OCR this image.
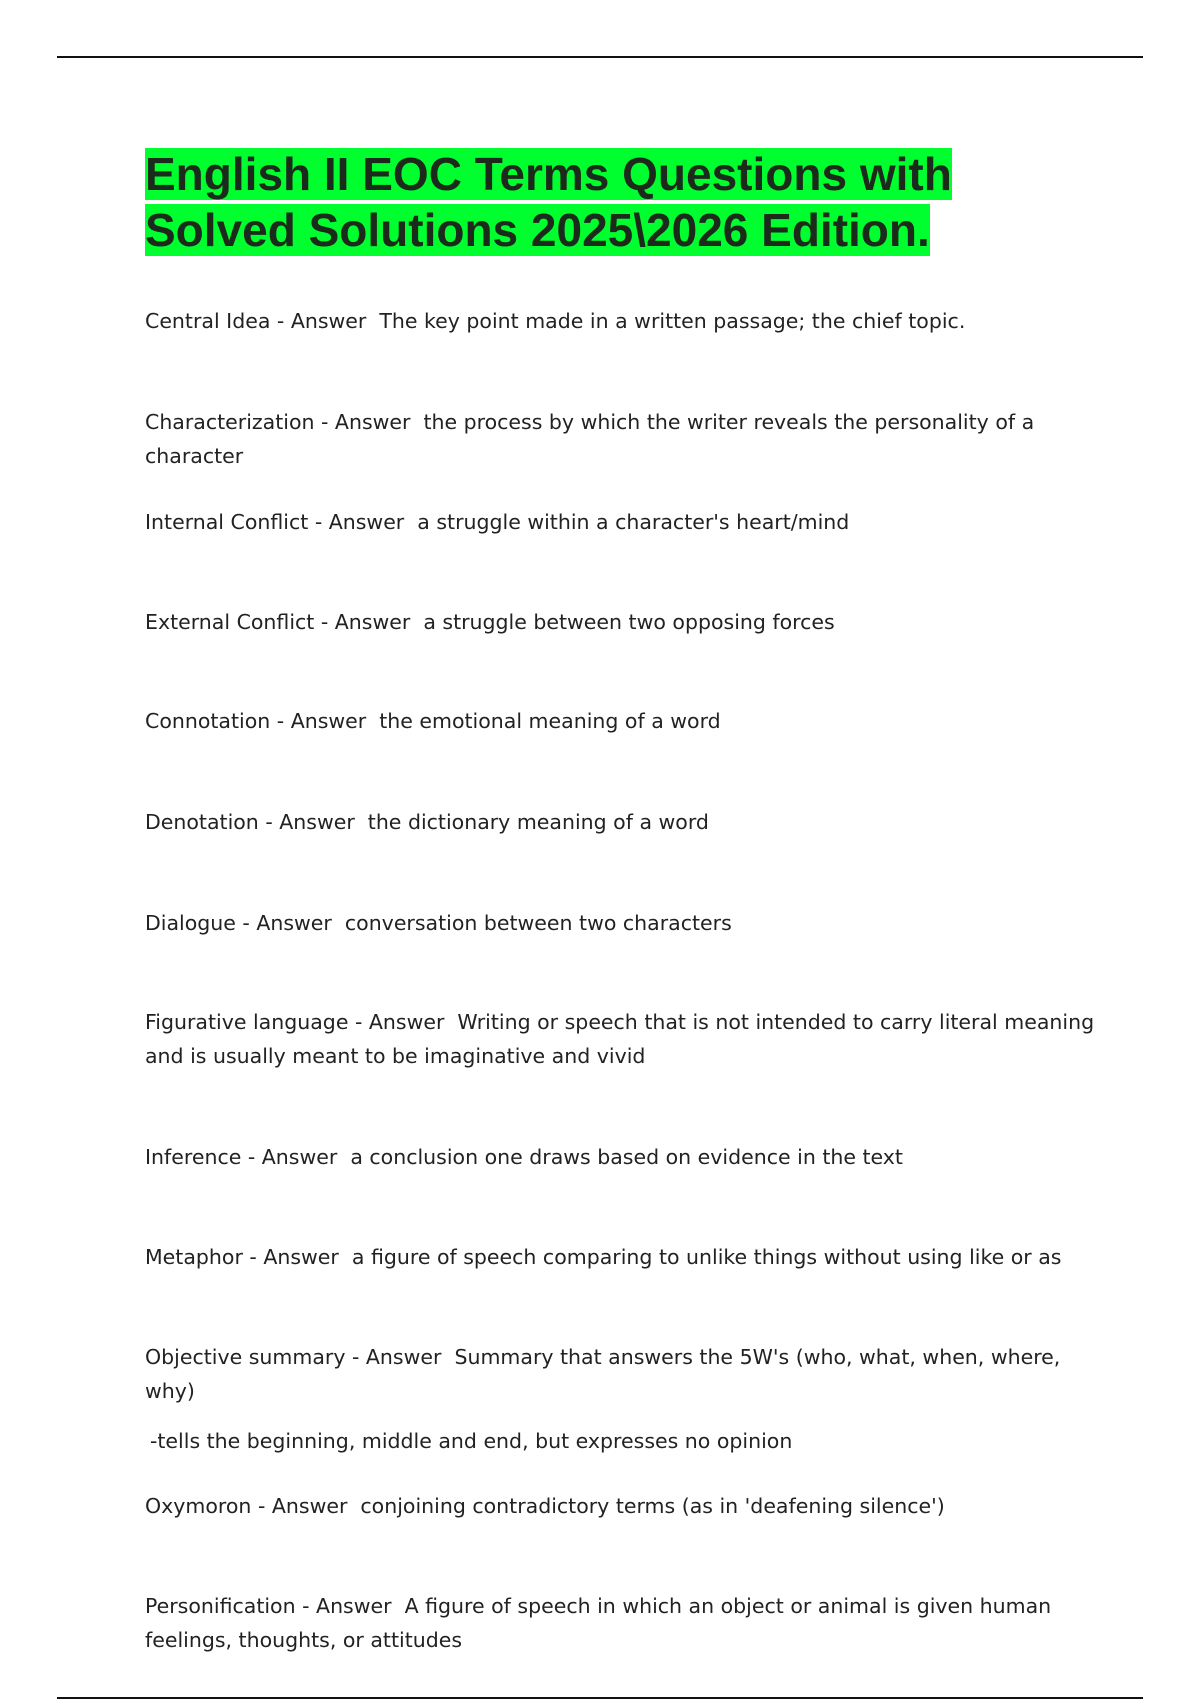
English II EOC Terms Questions with Solved Solutions 2025\2026 Edition.

Central Idea - Answer  The key point made in a written passage; the chief topic.

Characterization - Answer  the process by which the writer reveals the personality of a character

Internal Conflict - Answer  a struggle within a character's heart/mind

External Conflict - Answer  a struggle between two opposing forces

Connotation - Answer  the emotional meaning of a word

Denotation - Answer  the dictionary meaning of a word

Dialogue - Answer  conversation between two characters

Figurative language - Answer  Writing or speech that is not intended to carry literal meaning and is usually meant to be imaginative and vivid

Inference - Answer  a conclusion one draws based on evidence in the text

Metaphor - Answer  a figure of speech comparing to unlike things without using like or as

Objective summary - Answer  Summary that answers the 5W's (who, what, when, where, why)
-tells the beginning, middle and end, but expresses no opinion

Oxymoron - Answer  conjoining contradictory terms (as in 'deafening silence')

Personification - Answer  A figure of speech in which an object or animal is given human feelings, thoughts, or attitudes
